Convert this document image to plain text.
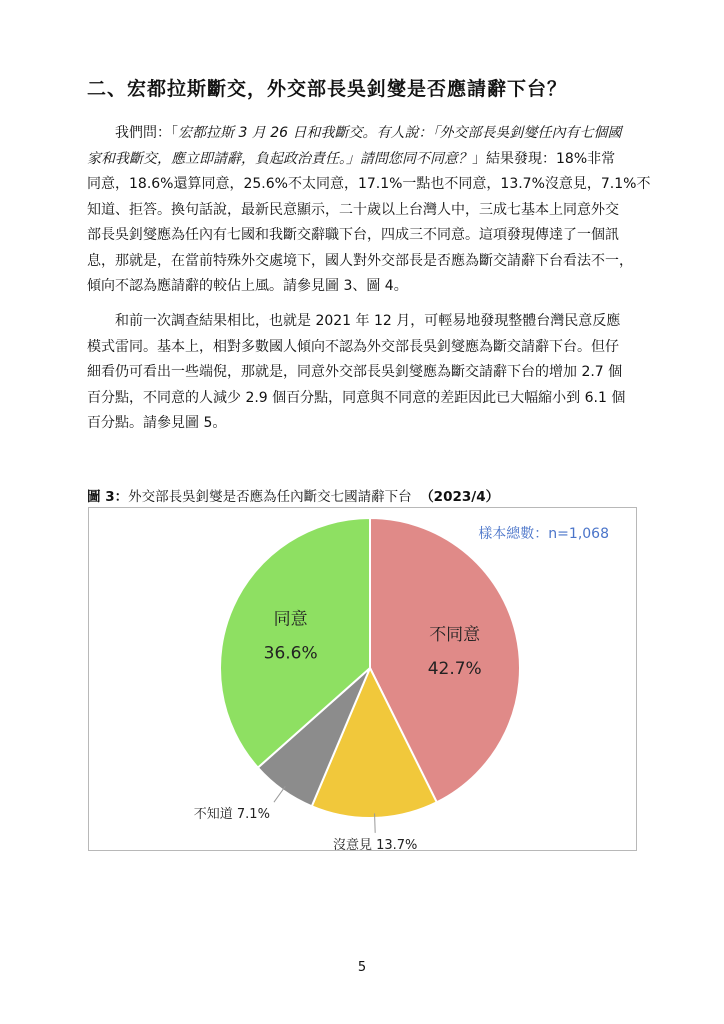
二、宏都拉斯斷交，外交部長吳釗燮是否應請辭下台？
我們問：「宏都拉斯 3 月 26 日和我斷交。有人說：「外交部長吳釗燮任內有七個國
家和我斷交，應立即請辭，負起政治責任。」請問您同不同意？」結果發現：18%非常
同意，18.6%還算同意，25.6%不太同意，17.1%一點也不同意，13.7%沒意見，7.1%不
知道、拒答。換句話說，最新民意顯示，二十歲以上台灣人中，三成七基本上同意外交
部長吳釗燮應為任內有七國和我斷交辭職下台，四成三不同意。這項發現傳達了一個訊
息，那就是，在當前特殊外交處境下，國人對外交部長是否應為斷交請辭下台看法不一，
傾向不認為應請辭的較佔上風。請參見圖 3、圖 4。
和前一次調查結果相比，也就是 2021 年 12 月，可輕易地發現整體台灣民意反應
模式雷同。基本上，相對多數國人傾向不認為外交部長吳釗燮應為斷交請辭下台。但仔
細看仍可看出一些端倪，那就是，同意外交部長吳釗燮應為斷交請辭下台的增加 2.7 個
百分點，不同意的人減少 2.9 個百分點，同意與不同意的差距因此已大幅縮小到 6.1 個
百分點。請參見圖 5。
圖 3：外交部長吳釗燮是否應為任內斷交七國請辭下台 （2023/4）
樣本總數：n=1,068
不同意
42.7%
沒意見 13.7%
不知道 7.1%
同意
36.6%
5
